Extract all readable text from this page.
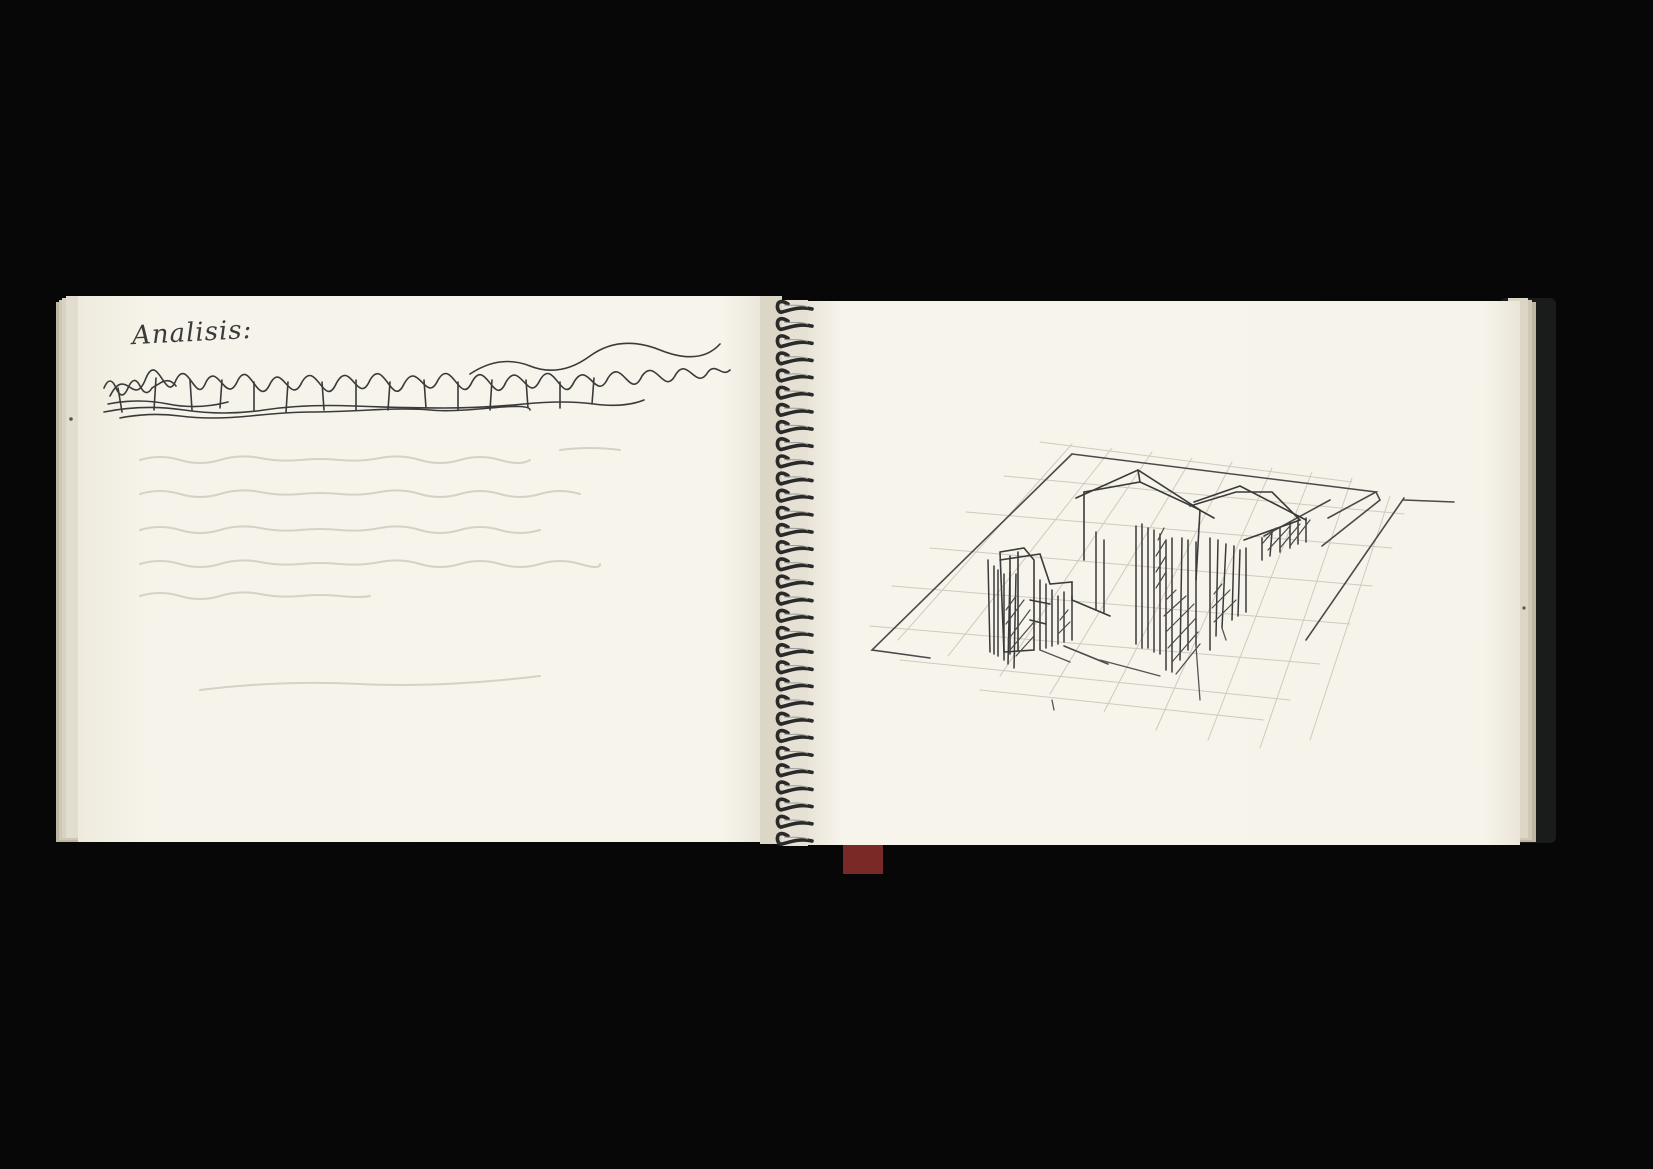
Analisis:
